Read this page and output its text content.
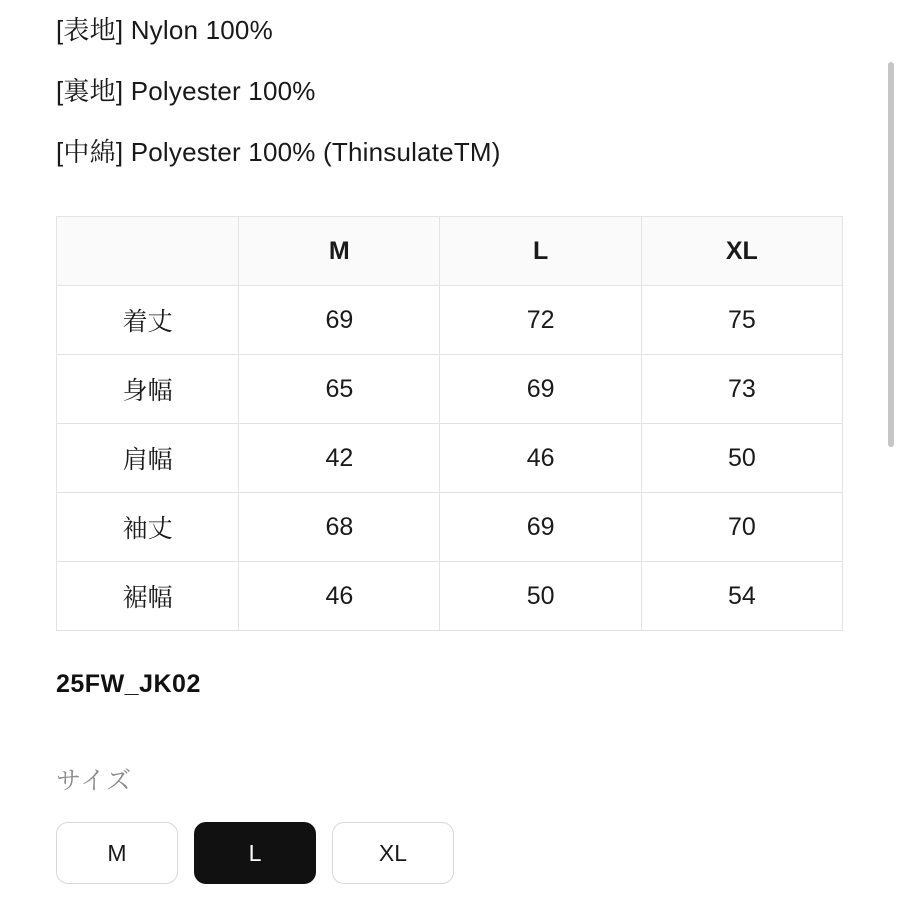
[表地] Nylon 100%
[裏地] Polyester 100%
[中綿] Polyester 100% (ThinsulateTM)
	M	L	XL
着丈	69	72	75
身幅	65	69	73
肩幅	42	46	50
袖丈	68	69	70
裾幅	46	50	54
25FW_JK02
サイズ
M	L	XL
